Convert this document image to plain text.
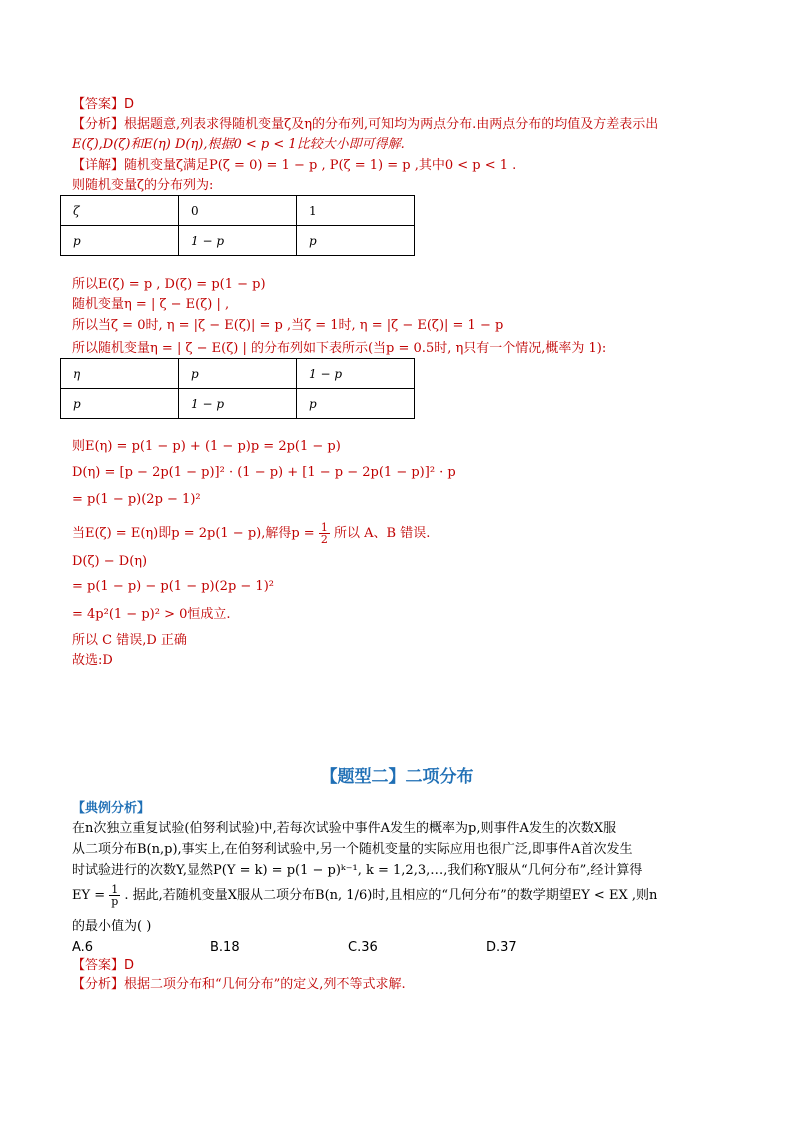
【答案】D
【分析】根据题意,列表求得随机变量ζ及η的分布列,可知均为两点分布.由两点分布的均值及方差表示出
E(ζ),D(ζ)和E(η) D(η),根据0 < p < 1比较大小即可得解.
【详解】随机变量ζ满足P(ζ = 0) = 1 − p , P(ζ = 1) = p ,其中0 < p < 1 .
则随机变量ζ的分布列为:
ζ	0	1
p	1 − p	p
所以E(ζ) = p , D(ζ) = p(1 − p)
随机变量η = | ζ − E(ζ) | ,
所以当ζ = 0时, η = |ζ − E(ζ)| = p ,当ζ = 1时, η = |ζ − E(ζ)| = 1 − p
所以随机变量η = | ζ − E(ζ) | 的分布列如下表所示(当p = 0.5时, η只有一个情况,概率为 1):
η	p	1 − p
p	1 − p	p
则E(η) = p(1 − p) + (1 − p)p = 2p(1 − p)
D(η) = [p − 2p(1 − p)]² · (1 − p) + [1 − p − 2p(1 − p)]² · p
= p(1 − p)(2p − 1)²
当E(ζ) = E(η)即p = 2p(1 − p),解得$p = \frac{1}{2}$ 所以 A、B 错误.
D(ζ) − D(η)
= p(1 − p) − p(1 − p)(2p − 1)²
= 4p²(1 − p)² > 0恒成立.
所以 C 错误,D 正确
故选:D
【题型二】二项分布
【典例分析】
在n次独立重复试验(伯努利试验)中,若每次试验中事件A发生的概率为p,则事件A发生的次数X服
从二项分布B(n,p),事实上,在伯努利试验中,另一个随机变量的实际应用也很广泛,即事件A首次发生
时试验进行的次数Y,显然P(Y = k) = p(1 − p)ᵏ⁻¹, k = 1,2,3,…,我们称Y服从“几何分布”,经计算得
EY = $\frac{1}{p}$ . 据此,若随机变量X服从二项分布B(n, 1/6)时,且相应的“几何分布”的数学期望EY < EX ,则n
的最小值为( )
A.6	B.18	C.36	D.37
【答案】D
【分析】根据二项分布和“几何分布”的定义,列不等式求解.
